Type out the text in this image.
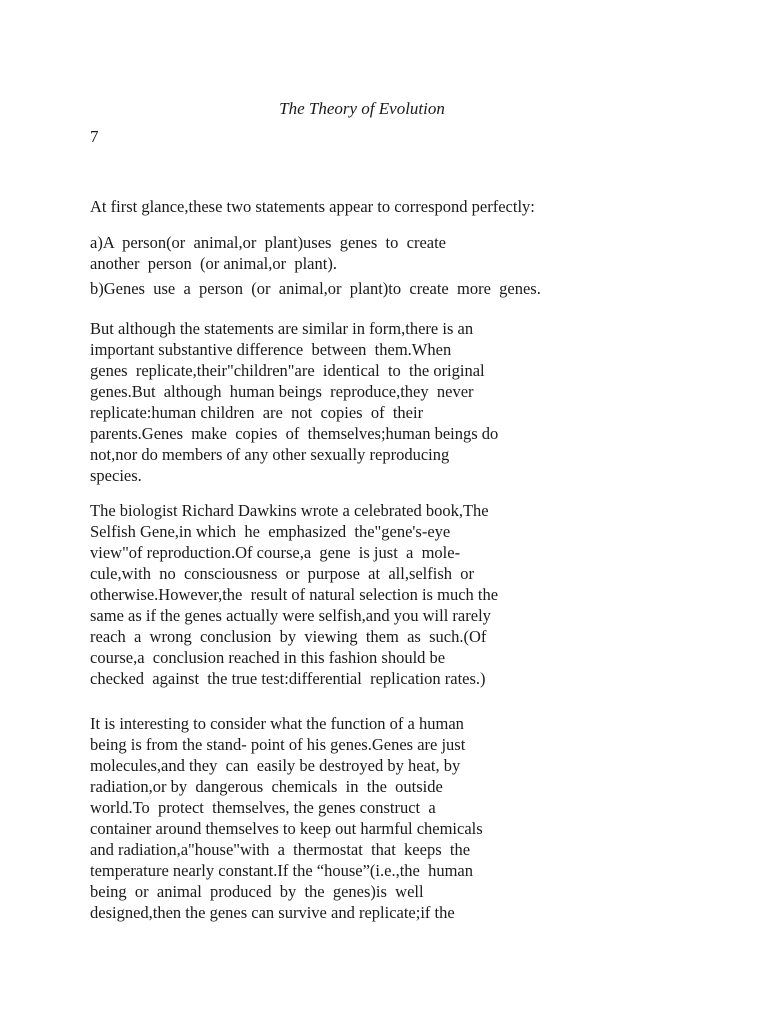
The Theory of Evolution
7
At first glance,these two statements appear to correspond perfectly:
a)A  person(or  animal,or  plant)uses  genes  to  create
another  person  (or animal,or  plant).
b)Genes  use  a  person  (or  animal,or  plant)to  create  more  genes.
But although the statements are similar in form,there is an
important substantive difference  between  them.When
genes  replicate,their"children"are  identical  to  the original
genes.But  although  human beings  reproduce,they  never
replicate:human children  are  not  copies  of  their
parents.Genes  make  copies  of  themselves;human beings do
not,nor do members of any other sexually reproducing
species.
The biologist Richard Dawkins wrote a celebrated book,The
Selfish Gene,in which  he  emphasized  the"gene's-eye
view"of reproduction.Of course,a  gene  is just  a  mole-
cule,with  no  consciousness  or  purpose  at  all,selfish  or
otherwise.However,the  result of natural selection is much the
same as if the genes actually were selfish,and you will rarely
reach  a  wrong  conclusion  by  viewing  them  as  such.(Of
course,a  conclusion reached in this fashion should be
checked  against  the true test:differential  replication rates.)
It is interesting to consider what the function of a human
being is from the stand- point of his genes.Genes are just
molecules,and they  can  easily be destroyed by heat, by
radiation,or by  dangerous  chemicals  in  the  outside
world.To  protect  themselves, the genes construct  a
container around themselves to keep out harmful chemicals
and radiation,a"house"with  a  thermostat  that  keeps  the
temperature nearly constant.If the “house”(i.e.,the  human
being  or  animal  produced  by  the  genes)is  well
designed,then the genes can survive and replicate;if the
